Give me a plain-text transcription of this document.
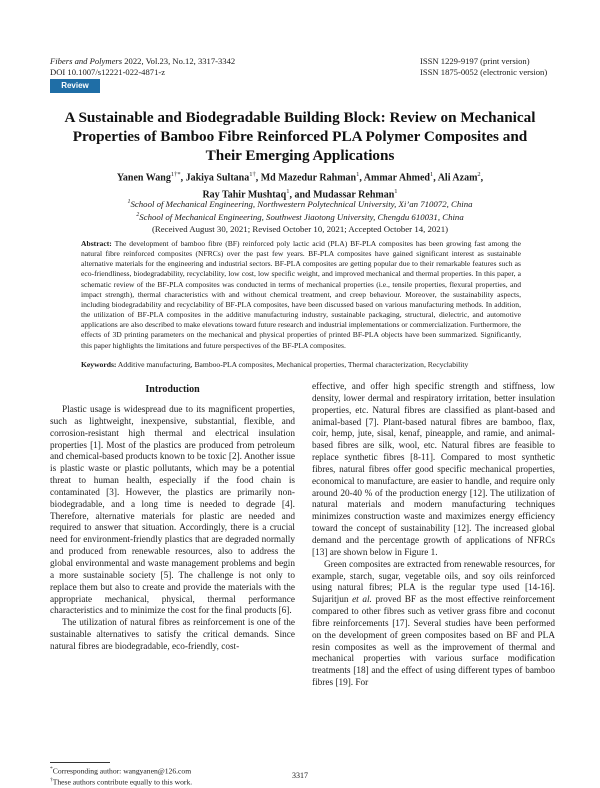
Fibers and Polymers 2022, Vol.23, No.12, 3317-3342
DOI 10.1007/s12221-022-4871-z
ISSN 1229-9197 (print version)
ISSN 1875-0052 (electronic version)
Review
A Sustainable and Biodegradable Building Block: Review on Mechanical
Properties of Bamboo Fibre Reinforced PLA Polymer Composites and
Their Emerging Applications
Yanen Wang$^{1\dagger*}$, Jakiya Sultana$^{1\dagger}$, Md Mazedur Rahman$^1$, Ammar Ahmed$^1$, Ali Azam$^2$,
Ray Tahir Mushtaq$^1$, and Mudassar Rehman$^1$
$^1$School of Mechanical Engineering, Northwestern Polytechnical University, Xi’an 710072, China
$^2$School of Mechanical Engineering, Southwest Jiaotong University, Chengdu 610031, China
(Received August 30, 2021; Revised October 10, 2021; Accepted October 14, 2021)
Abstract: The development of bamboo fibre (BF) reinforced poly lactic acid (PLA) BF-PLA composites has been growing fast among the natural fibre reinforced composites (NFRCs) over the past few years. BF-PLA composites have gained significant interest as sustainable alternative materials for the engineering and industrial sectors. BF-PLA composites are getting popular due to their remarkable features such as eco-friendliness, biodegradability, recyclability, low cost, low specific weight, and improved mechanical and thermal properties. In this paper, a schematic review of the BF-PLA composites was conducted in terms of mechanical properties (i.e., tensile properties, flexural properties, and impact strength), thermal characteristics with and without chemical treatment, and creep behaviour. Moreover, the sustainability aspects, including biodegradability and recyclability of BF-PLA composites, have been discussed based on various manufacturing methods. In addition, the utilization of BF-PLA composites in the additive manufacturing industry, sustainable packaging, structural, dielectric, and automotive applications are also described to make elevations toward future research and industrial implementations or commercialization. Furthermore, the effects of 3D printing parameters on the mechanical and physical properties of printed BF-PLA objects have been summarized. Significantly, this paper highlights the limitations and future perspectives of the BF-PLA composites.
Keywords: Additive manufacturing, Bamboo-PLA composites, Mechanical properties, Thermal characterization, Recyclability
Introduction

Plastic usage is widespread due to its magnificent properties, such as lightweight, inexpensive, substantial, flexible, and corrosion-resistant high thermal and electrical insulation properties [1]. Most of the plastics are produced from petroleum and chemical-based products known to be toxic [2]. Another issue is plastic waste or plastic pollutants, which may be a potential threat to human health, especially if the food chain is contaminated [3]. However, the plastics are primarily non-biodegradable, and a long time is needed to degrade [4]. Therefore, alternative materials for plastic are needed and required to answer that situation. Accordingly, there is a crucial need for environment-friendly plastics that are degraded normally and produced from renewable resources, also to address the global environmental and waste management problems and begin a more sustainable society [5]. The challenge is not only to replace them but also to create and provide the materials with the appropriate mechanical, physical, thermal performance characteristics and to minimize the cost for the final products [6].

The utilization of natural fibres as reinforcement is one of the sustainable alternatives to satisfy the critical demands. Since natural fibres are biodegradable, eco-friendly, cost-

effective, and offer high specific strength and stiffness, low density, lower dermal and respiratory irritation, better insulation properties, etc. Natural fibres are classified as plant-based and animal-based [7]. Plant-based natural fibres are bamboo, flax, coir, hemp, jute, sisal, kenaf, pineapple, and ramie, and animal-based fibres are silk, wool, etc. Natural fibres are feasible to replace synthetic fibres [8-11]. Compared to most synthetic fibres, natural fibres offer good specific mechanical properties, economical to manufacture, are easier to handle, and require only around 20-40 % of the production energy [12]. The utilization of natural materials and modern manufacturing techniques minimizes construction waste and maximizes energy efficiency toward the concept of sustainability [12]. The increased global demand and the percentage growth of applications of NFRCs [13] are shown below in Figure 1.

Green composites are extracted from renewable resources, for example, starch, sugar, vegetable oils, and soy oils reinforced using natural fibres; PLA is the regular type used [14-16]. Sujaritjun et al. proved BF as the most effective reinforcement compared to other fibres such as vetiver grass fibre and coconut fibre reinforcements [17]. Several studies have been performed on the development of green composites based on BF and PLA resin composites as well as the improvement of thermal and mechanical properties with various surface modification treatments [18] and the effect of using different types of bamboo fibres [19]. For

*Corresponding author: wangyanen@126.com
†These authors contribute equally to this work.
3317
